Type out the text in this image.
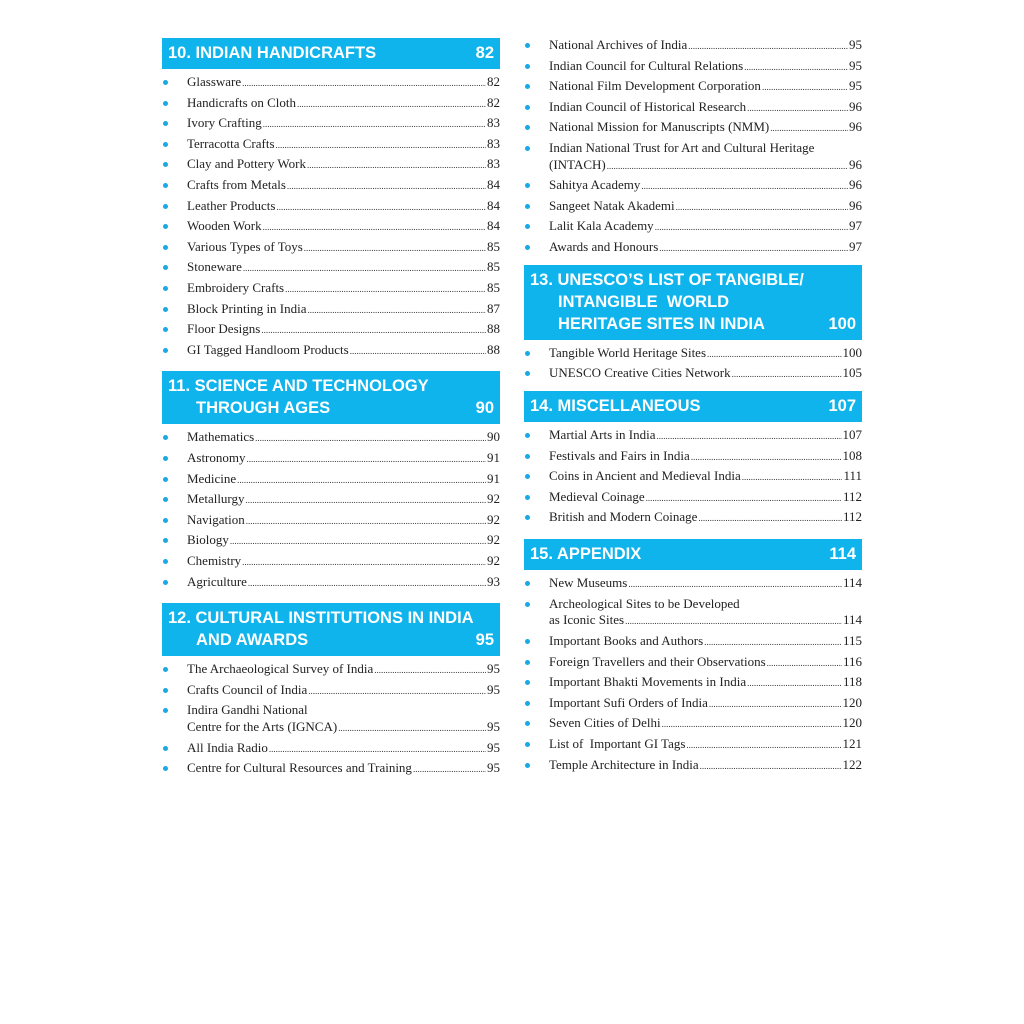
10. INDIAN HANDICRAFTS	82
Glassware .....	82
Handicrafts on Cloth .....	82
Ivory Crafting .....	83
Terracotta Crafts .....	83
Clay and Pottery Work .....	83
Crafts from Metals .....	84
Leather Products .....	84
Wooden Work .....	84
Various Types of Toys .....	85
Stoneware .....	85
Embroidery Crafts .....	85
Block Printing in India .....	87
Floor Designs .....	88
GI Tagged Handloom Products .....	88
11. SCIENCE AND TECHNOLOGY
THROUGH AGES	90
Mathematics .....	90
Astronomy .....	91
Medicine .....	91
Metallurgy .....	92
Navigation .....	92
Biology .....	92
Chemistry .....	92
Agriculture .....	93
12. CULTURAL INSTITUTIONS IN INDIA
AND AWARDS	95
The Archaeological Survey of India .....	95
Crafts Council of India .....	95
Indira Gandhi National
Centre for the Arts (IGNCA) .....	95
All India Radio .....	95
Centre for Cultural Resources and Training .....	95
National Archives of India .....	95
Indian Council for Cultural Relations .....	95
National Film Development Corporation .....	95
Indian Council of Historical Research .....	96
National Mission for Manuscripts (NMM) .....	96
Indian National Trust for Art and Cultural Heritage
(INTACH) .....	96
Sahitya Academy .....	96
Sangeet Natak Akademi .....	96
Lalit Kala Academy .....	97
Awards and Honours .....	97
13. UNESCO’S LIST OF TANGIBLE/
INTANGIBLE  WORLD
HERITAGE SITES IN INDIA	100
Tangible World Heritage Sites .....	100
UNESCO Creative Cities Network .....	105
14. MISCELLANEOUS	107
Martial Arts in India .....	107
Festivals and Fairs in India .....	108
Coins in Ancient and Medieval India .....	111
Medieval Coinage .....	112
British and Modern Coinage .....	112
15. APPENDIX	114
New Museums .....	114
Archeological Sites to be Developed
as Iconic Sites .....	114
Important Books and Authors .....	115
Foreign Travellers and their Observations .....	116
Important Bhakti Movements in India .....	118
Important Sufi Orders of India .....	120
Seven Cities of Delhi .....	120
List of  Important GI Tags .....	121
Temple Architecture in India .....	122
